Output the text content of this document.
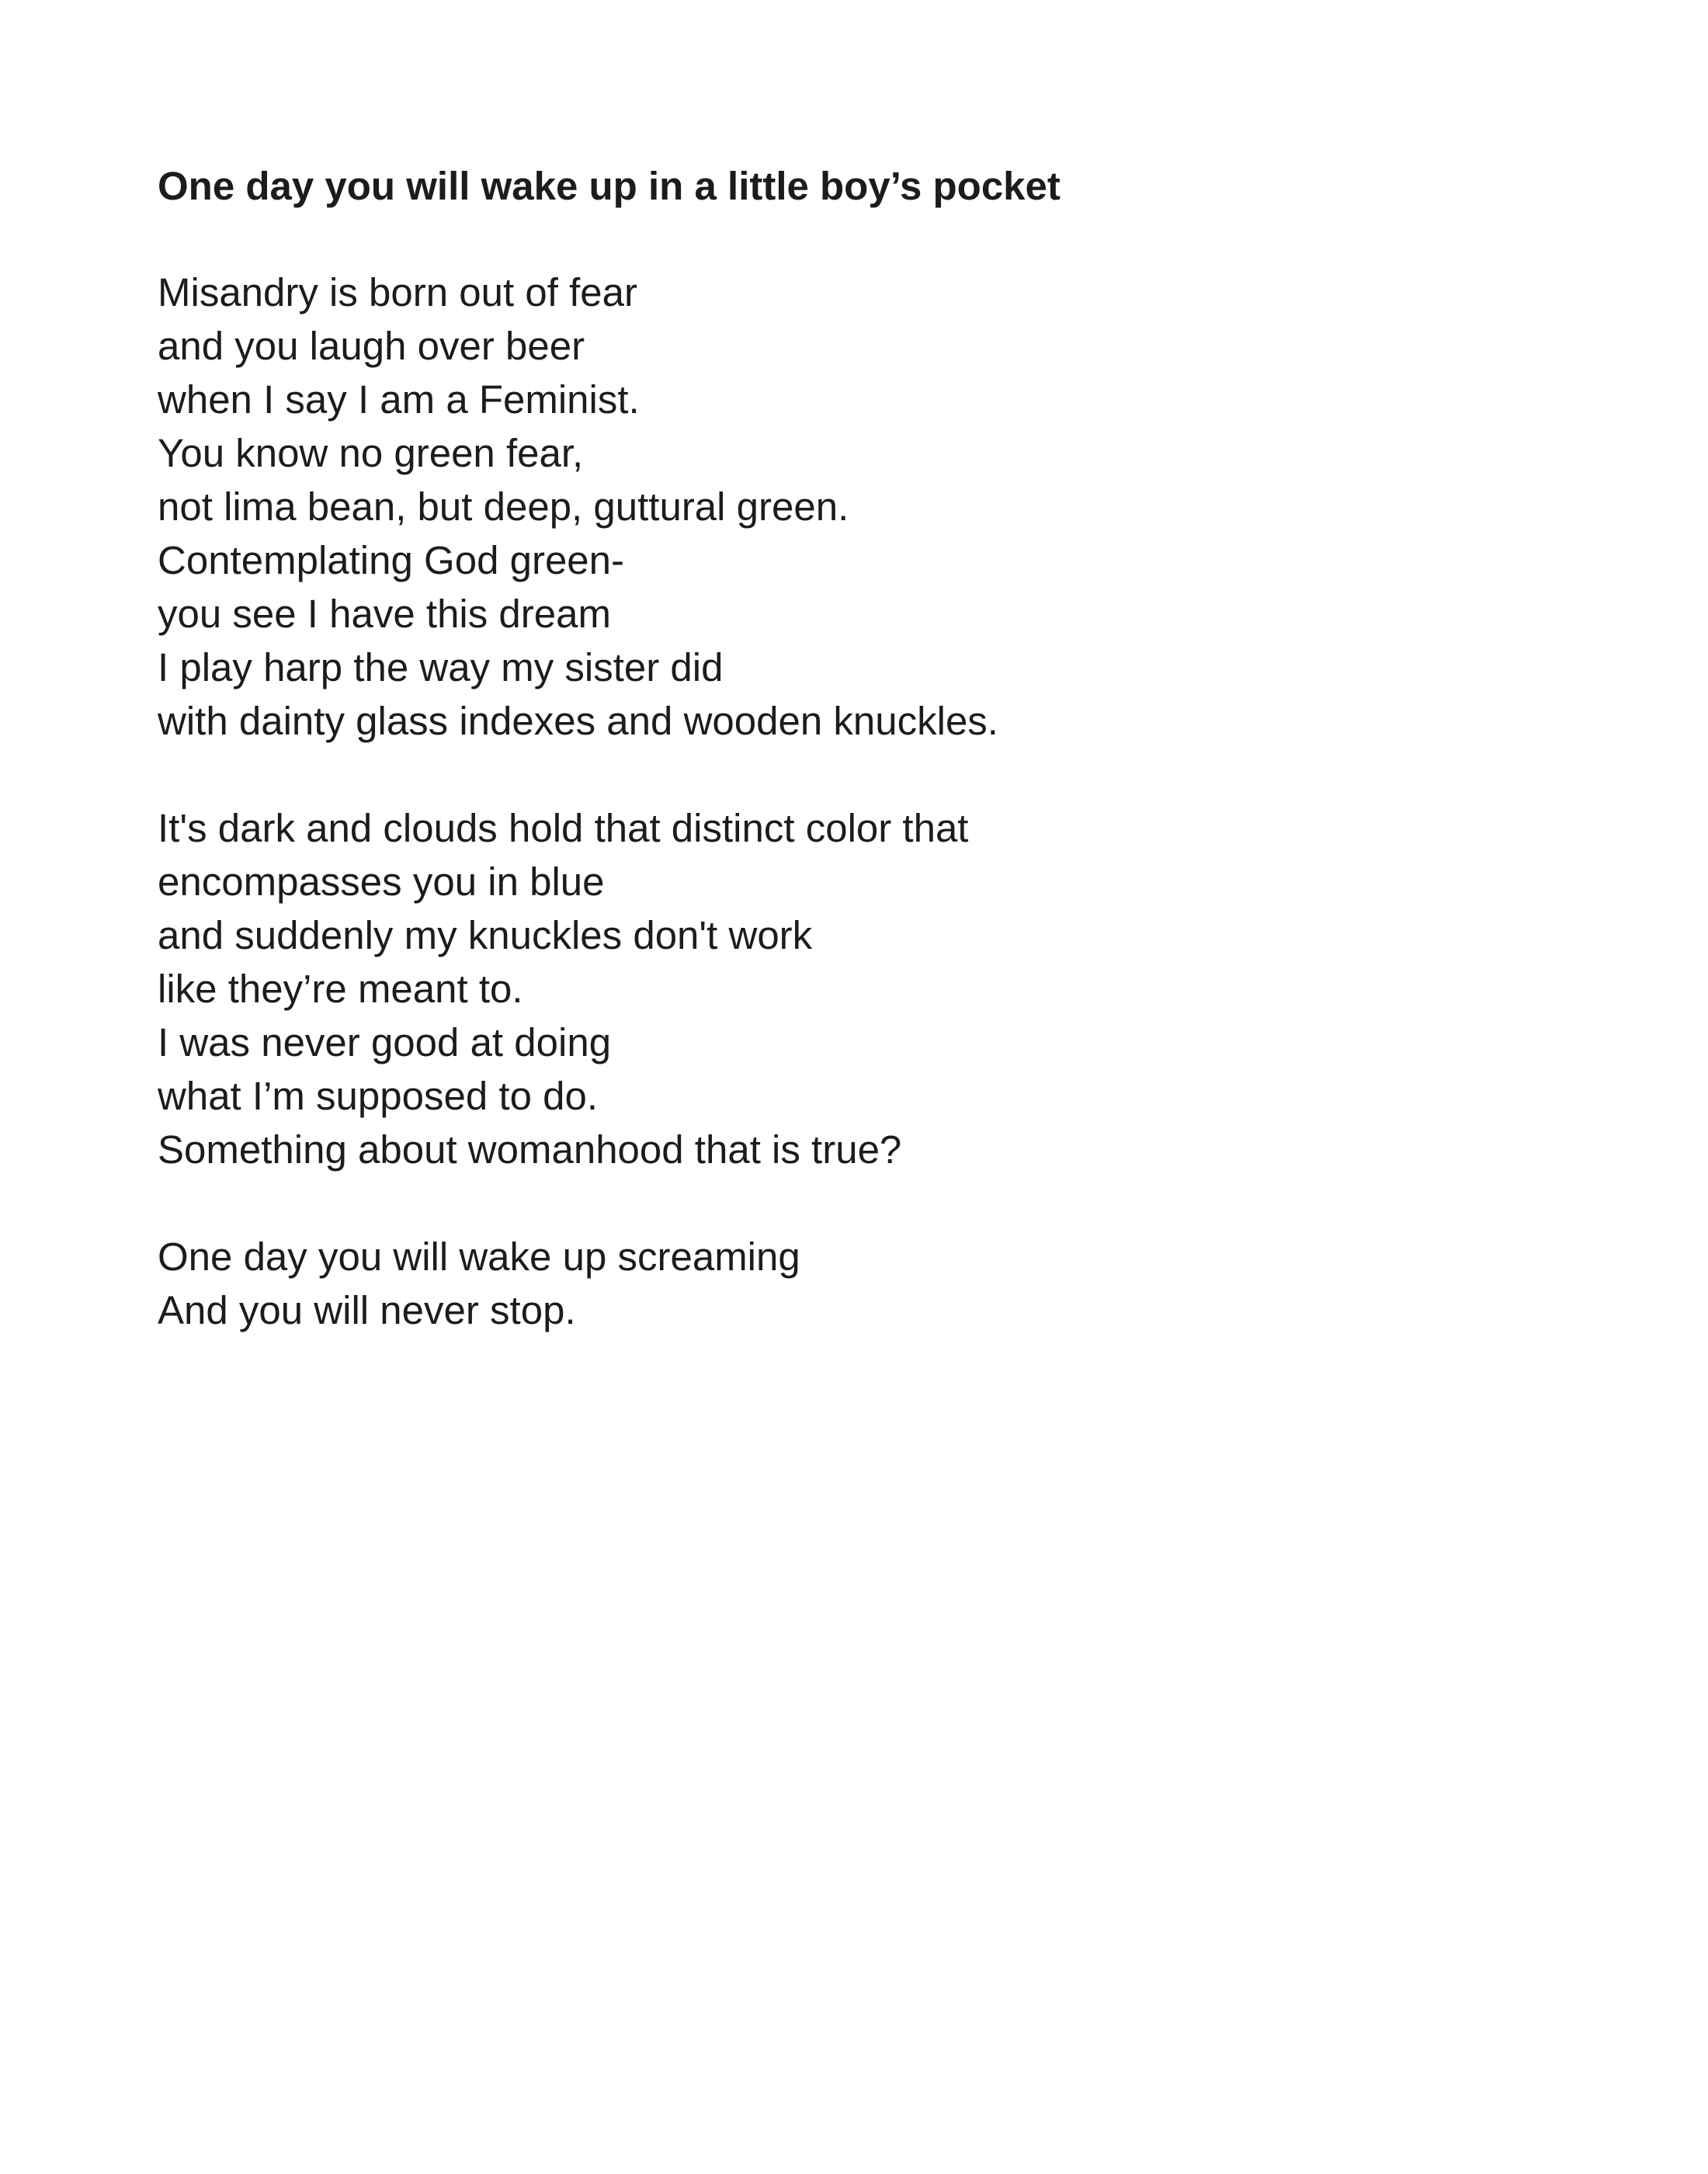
One day you will wake up in a little boy’s pocket
Misandry is born out of fear
and you laugh over beer
when I say I am a Feminist.
You know no green fear,
not lima bean, but deep, guttural green.
Contemplating God green-
you see I have this dream
I play harp the way my sister did
with dainty glass indexes and wooden knuckles.
It's dark and clouds hold that distinct color that
encompasses you in blue
and suddenly my knuckles don't work
like they’re meant to.
I was never good at doing
what I’m supposed to do.
Something about womanhood that is true?
One day you will wake up screaming
And you will never stop.
